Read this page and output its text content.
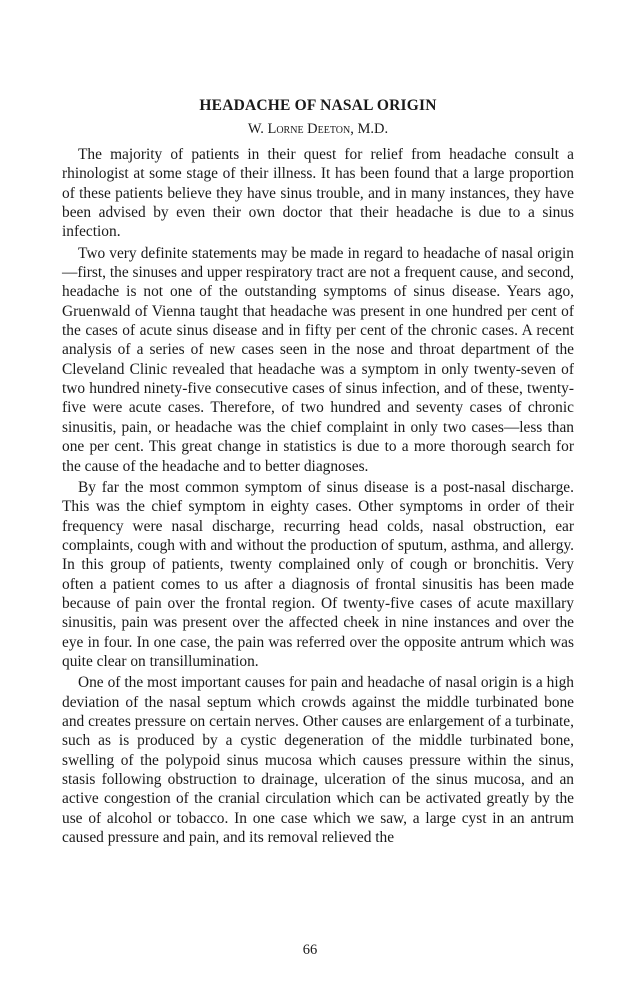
HEADACHE OF NASAL ORIGIN
W. Lorne Deeton, M.D.

The majority of patients in their quest for relief from headache consult a rhinologist at some stage of their illness. It has been found that a large proportion of these patients believe they have sinus trouble, and in many instances, they have been advised by even their own doctor that their headache is due to a sinus infection.

Two very definite statements may be made in regard to headache of nasal origin—first, the sinuses and upper respiratory tract are not a frequent cause, and second, headache is not one of the outstanding symptoms of sinus disease. Years ago, Gruenwald of Vienna taught that headache was present in one hundred per cent of the cases of acute sinus disease and in fifty per cent of the chronic cases. A recent analysis of a series of new cases seen in the nose and throat department of the Cleveland Clinic revealed that headache was a symptom in only twenty-seven of two hundred ninety-five consecutive cases of sinus infection, and of these, twenty-five were acute cases. Therefore, of two hundred and seventy cases of chronic sinusitis, pain, or headache was the chief complaint in only two cases—less than one per cent. This great change in statistics is due to a more thorough search for the cause of the headache and to better diagnoses.

By far the most common symptom of sinus disease is a post-nasal discharge. This was the chief symptom in eighty cases. Other symptoms in order of their frequency were nasal discharge, recurring head colds, nasal obstruction, ear complaints, cough with and without the production of sputum, asthma, and allergy. In this group of patients, twenty complained only of cough or bronchitis. Very often a patient comes to us after a diagnosis of frontal sinusitis has been made because of pain over the frontal region. Of twenty-five cases of acute maxillary sinusitis, pain was present over the affected cheek in nine instances and over the eye in four. In one case, the pain was referred over the opposite antrum which was quite clear on transillumination.

One of the most important causes for pain and headache of nasal origin is a high deviation of the nasal septum which crowds against the middle turbinated bone and creates pressure on certain nerves. Other causes are enlargement of a turbinate, such as is produced by a cystic degeneration of the middle turbinated bone, swelling of the polypoid sinus mucosa which causes pressure within the sinus, stasis following obstruction to drainage, ulceration of the sinus mucosa, and an active congestion of the cranial circulation which can be activated greatly by the use of alcohol or tobacco. In one case which we saw, a large cyst in an antrum caused pressure and pain, and its removal relieved the

66
